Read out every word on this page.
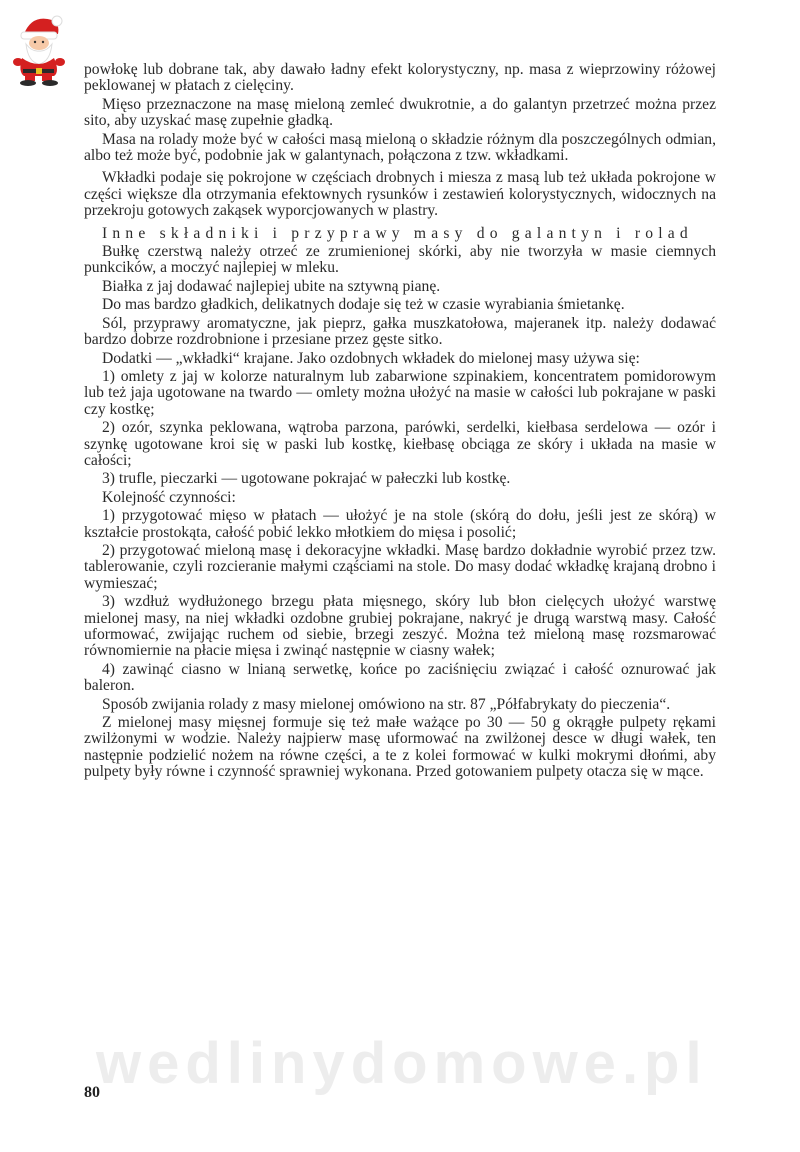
powłokę lub dobrane tak, aby dawało ładny efekt kolorystyczny, np. masa z wieprzowiny różowej peklowanej w płatach z cielęciny.

Mięso przeznaczone na masę mieloną zemleć dwukrotnie, a do galantyn przetrzeć można przez sito, aby uzyskać masę zupełnie gładką.

Masa na rolady może być w całości masą mieloną o składzie różnym dla poszczególnych odmian, albo też może być, podobnie jak w galantynach, połączona z tzw. wkładkami.

Wkładki podaje się pokrojone w częściach drobnych i miesza z masą lub też układa pokrojone w części większe dla otrzymania efektownych rysunków i zestawień kolorystycznych, widocznych na przekroju gotowych zakąsek wyporcjowanych w plastry.

Inne składniki i przyprawy masy do galantyn i rolad

Bułkę czerstwą należy otrzeć ze zrumienionej skórki, aby nie tworzyła w masie ciemnych punkcików, a moczyć najlepiej w mleku.

Białka z jaj dodawać najlepiej ubite na sztywną pianę.

Do mas bardzo gładkich, delikatnych dodaje się też w czasie wyrabiania śmietankę.

Sól, przyprawy aromatyczne, jak pieprz, gałka muszkatołowa, majeranek itp. należy dodawać bardzo dobrze rozdrobnione i przesiane przez gęste sitko.

Dodatki — „wkładki“ krajane. Jako ozdobnych wkładek do mielonej masy używa się:

1) omlety z jaj w kolorze naturalnym lub zabarwione szpinakiem, koncentratem pomidorowym lub też jaja ugotowane na twardo — omlety można ułożyć na masie w całości lub pokrajane w paski czy kostkę;

2) ozór, szynka peklowana, wątroba parzona, parówki, serdelki, kiełbasa serdelowa — ozór i szynkę ugotowane kroi się w paski lub kostkę, kiełbasę obciąga ze skóry i układa na masie w całości;

3) trufle, pieczarki — ugotowane pokrajać w pałeczki lub kostkę.

Kolejność czynności:

1) przygotować mięso w płatach — ułożyć je na stole (skórą do dołu, jeśli jest ze skórą) w kształcie prostokąta, całość pobić lekko młotkiem do mięsa i posolić;

2) przygotować mieloną masę i dekoracyjne wkładki. Masę bardzo dokładnie wyrobić przez tzw. tablerowanie, czyli rozcieranie małymi cząściami na stole. Do masy dodać wkładkę krajaną drobno i wymieszać;

3) wzdłuż wydłużonego brzegu płata mięsnego, skóry lub błon cielęcych ułożyć warstwę mielonej masy, na niej wkładki ozdobne grubiej pokrajane, nakryć je drugą warstwą masy. Całość uformować, zwijając ruchem od siebie, brzegi zeszyć. Można też mieloną masę rozsmarować równomiernie na płacie mięsa i zwinąć następnie w ciasny wałek;

4) zawinąć ciasno w lnianą serwetkę, końce po zaciśnięciu związać i całość oznurować jak baleron.

Sposób zwijania rolady z masy mielonej omówiono na str. 87 „Półfabrykaty do pieczenia“.

Z mielonej masy mięsnej formuje się też małe ważące po 30 — 50 g okrągłe pulpety rękami zwilżonymi w wodzie. Należy najpierw masę uformować na zwilżonej desce w długi wałek, ten następnie podzielić nożem na równe części, a te z kolei formować w kulki mokrymi dłońmi, aby pulpety były równe i czynność sprawniej wykonana. Przed gotowaniem pulpety otacza się w mące.

wedlinydomowe.pl
80
